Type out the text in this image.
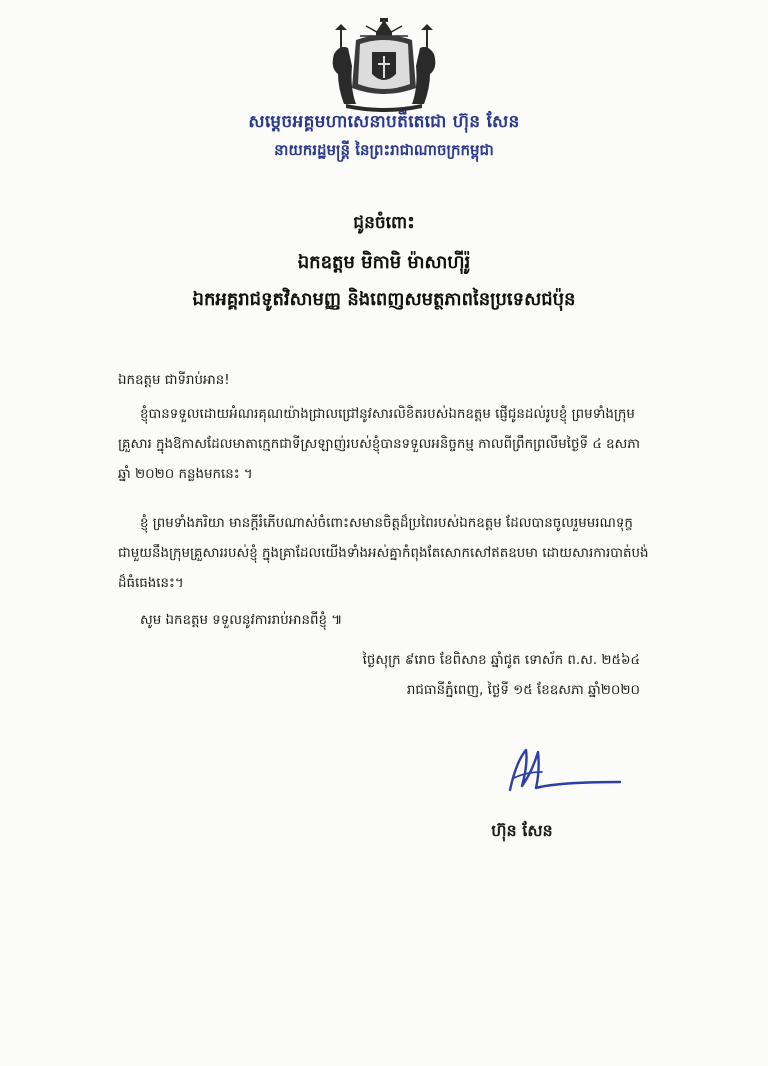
សម្តេចអគ្គមហាសេនាបតីតេជោ ហ៊ុន សែន
នាយករដ្ឋមន្ត្រី នៃព្រះរាជាណាចក្រកម្ពុជា
ជូនចំពោះ
ឯកឧត្តម មិកាមិ ម៉ាសាហ៊ីរ៉ូ
ឯកអគ្គរាជទូតវិសាមញ្ញ និងពេញសមត្ថភាពនៃប្រទេសជប៉ុន
ឯកឧត្តម ជាទីរាប់អាន!
ខ្ញុំបានទទួលដោយអំណរគុណយ៉ាងជ្រាលជ្រៅនូវសារលិខិតរបស់ឯកឧត្តម ផ្ញើជូនដល់រូបខ្ញុំ ព្រមទាំងក្រុមគ្រួសារ ក្នុងឱកាសដែលមាតាក្មេកជាទីស្រឡាញ់របស់ខ្ញុំបានទទួលអនិច្ចកម្ម កាលពីព្រឹកព្រលឹមថ្ងៃទី ៤ ឧសភា ឆ្នាំ ២០២០ កន្លងមកនេះ ។
ខ្ញុំ ព្រមទាំងភរិយា មានក្តីរំភើបណាស់ចំពោះសមានចិត្តដ៏ប្រពៃរបស់ឯកឧត្តម ដែលបានចូលរួមមរណទុក្ខជាមួយនឹងក្រុមគ្រួសាររបស់ខ្ញុំ ក្នុងគ្រាដែលយើងទាំងអស់គ្នាកំពុងតែសោកសៅឥតឧបមា ដោយសារការបាត់បង់ដ៏ធំធេងនេះ។
សូម ឯកឧត្តម ទទួលនូវការរាប់អានពីខ្ញុំ ៕
ថ្ងៃសុក្រ ៩រោច ខែពិសាខ ឆ្នាំជូត ទោស័ក ព.ស. ២៥៦៤
រាជធានីភ្នំពេញ, ថ្ងៃទី ១៥ ខែឧសភា ឆ្នាំ២០២០
ហ៊ុន សែន
